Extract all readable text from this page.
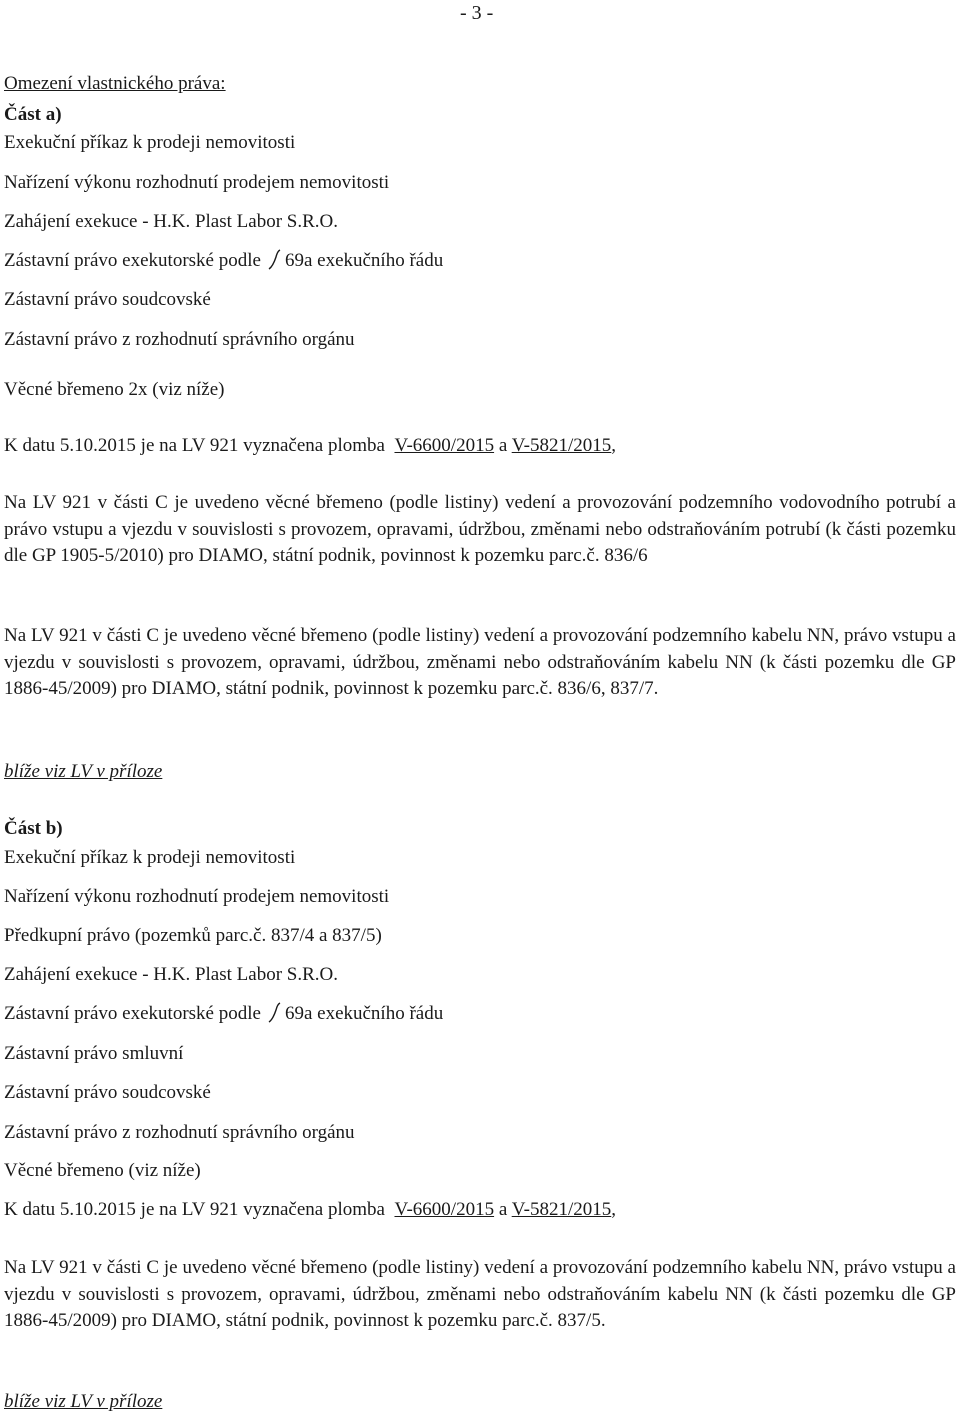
- 3 -
Omezení vlastnického práva:
Část a)
Exekuční příkaz k prodeji nemovitosti
Nařízení výkonu rozhodnutí prodejem nemovitosti
Zahájení exekuce - H.K. Plast Labor S.R.O.
Zástavní právo exekutorské podle 69a exekučního řádu
Zástavní právo soudcovské
Zástavní právo z rozhodnutí správního orgánu
Věcné břemeno 2x (viz níže)
K datu 5.10.2015 je na LV 921 vyznačena plomba V-6600/2015 a V-5821/2015,
Na LV 921 v části C je uvedeno věcné břemeno (podle listiny) vedení a provozování podzemního vodovodního potrubí a právo vstupu a vjezdu v souvislosti s provozem, opravami, údržbou, změnami nebo odstraňováním potrubí (k části pozemku dle GP 1905-5/2010) pro DIAMO, státní podnik, povinnost k pozemku parc.č. 836/6
Na LV 921 v části C je uvedeno věcné břemeno (podle listiny) vedení a provozování podzemního kabelu NN, právo vstupu a vjezdu v souvislosti s provozem, opravami, údržbou, změnami nebo odstraňováním kabelu NN (k části pozemku dle GP 1886-45/2009) pro DIAMO, státní podnik, povinnost k pozemku parc.č. 836/6, 837/7.
blíže viz LV v příloze
Část b)
Exekuční příkaz k prodeji nemovitosti
Nařízení výkonu rozhodnutí prodejem nemovitosti
Předkupní právo (pozemků parc.č. 837/4 a 837/5)
Zahájení exekuce - H.K. Plast Labor S.R.O.
Zástavní právo exekutorské podle 69a exekučního řádu
Zástavní právo smluvní
Zástavní právo soudcovské
Zástavní právo z rozhodnutí správního orgánu
Věcné břemeno (viz níže)
K datu 5.10.2015 je na LV 921 vyznačena plomba V-6600/2015 a V-5821/2015,
Na LV 921 v části C je uvedeno věcné břemeno (podle listiny) vedení a provozování podzemního kabelu NN, právo vstupu a vjezdu v souvislosti s provozem, opravami, údržbou, změnami nebo odstraňováním kabelu NN (k části pozemku dle GP 1886-45/2009) pro DIAMO, státní podnik, povinnost k pozemku parc.č. 837/5.
blíže viz LV v příloze
